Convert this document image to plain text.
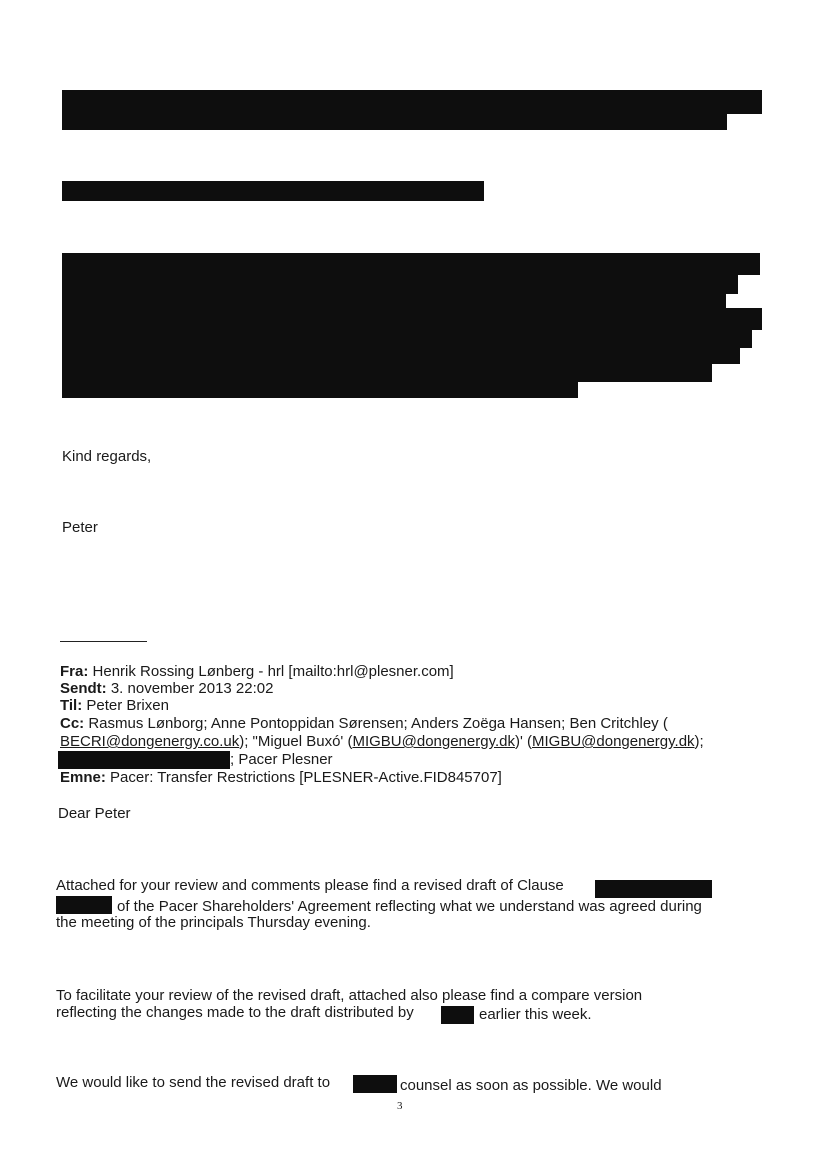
Kind regards,
Peter
Fra: Henrik Rossing Lønberg - hrl [mailto:hrl@plesner.com]
Sendt: 3. november 2013 22:02
Til: Peter Brixen
Cc: Rasmus Lønborg; Anne Pontoppidan Sørensen; Anders Zoëga Hansen; Ben Critchley (
BECRI@dongenergy.co.uk); "Miguel Buxó' (MIGBU@dongenergy.dk)' (MIGBU@dongenergy.dk);
; Pacer Plesner
Emne: Pacer: Transfer Restrictions [PLESNER-Active.FID845707]
Dear Peter
Attached for your review and comments please find a revised draft of Clause
of the Pacer Shareholders' Agreement reflecting what we understand was agreed during
the meeting of the principals Thursday evening.
To facilitate your review of the revised draft, attached also please find a compare version
reflecting the changes made to the draft distributed by	earlier this week.
We would like to send the revised draft to	counsel as soon as possible. We would
3
